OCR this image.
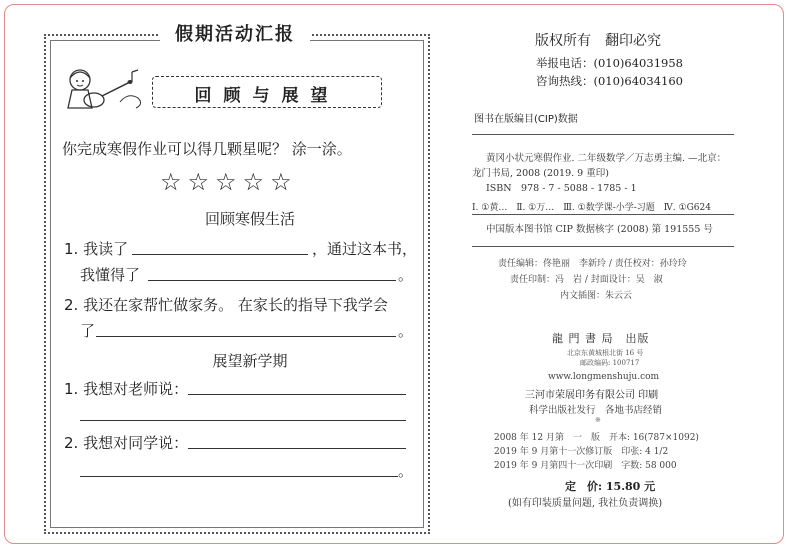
假期活动汇报
回顾与展望
你完成寒假作业可以得几颗星呢？ 涂一涂。
☆☆☆☆☆
回顾寒假生活
1. 我读了	，通过这本书，
我懂得了	。
2. 我还在家帮忙做家务。 在家长的指导下我学会
了	。
展望新学期
1. 我想对老师说：
2. 我想对同学说：
。
版权所有　翻印必究
举报电话：(010)64031958
咨询热线：(010)64034160
图书在版编目(CIP)数据
黄冈小状元寒假作业. 二年级数学／万志勇主编. —北京：
龙门书局, 2008 (2019. 9 重印)
ISBN　978 - 7 - 5088 - 1785 - 1
Ⅰ. ①黄…　Ⅱ. ①万…　Ⅲ. ①数学课-小学-习题　Ⅳ. ①G624
中国版本图书馆 CIP 数据核字 (2008) 第 191555 号
责任编辑：佟艳丽　李新玲 / 责任校对：孙玲玲
责任印制：冯　岩 / 封面设计：吴　淑
内文插图：朱云云
龍 門 書 局　出版
北京东黄城根北街 16 号
邮政编码: 100717
www.longmenshuju.com
三河市荣展印务有限公司 印刷
科学出版社发行　各地书店经销
※
2008 年 12 月第　一　版　开本: 16(787×1092)
2019 年 9 月第十一次修订版　印张: 4 1/2
2019 年 9 月第四十一次印刷　字数: 58 000
定　价: 15.80 元
(如有印装质量问题, 我社负责调换)
